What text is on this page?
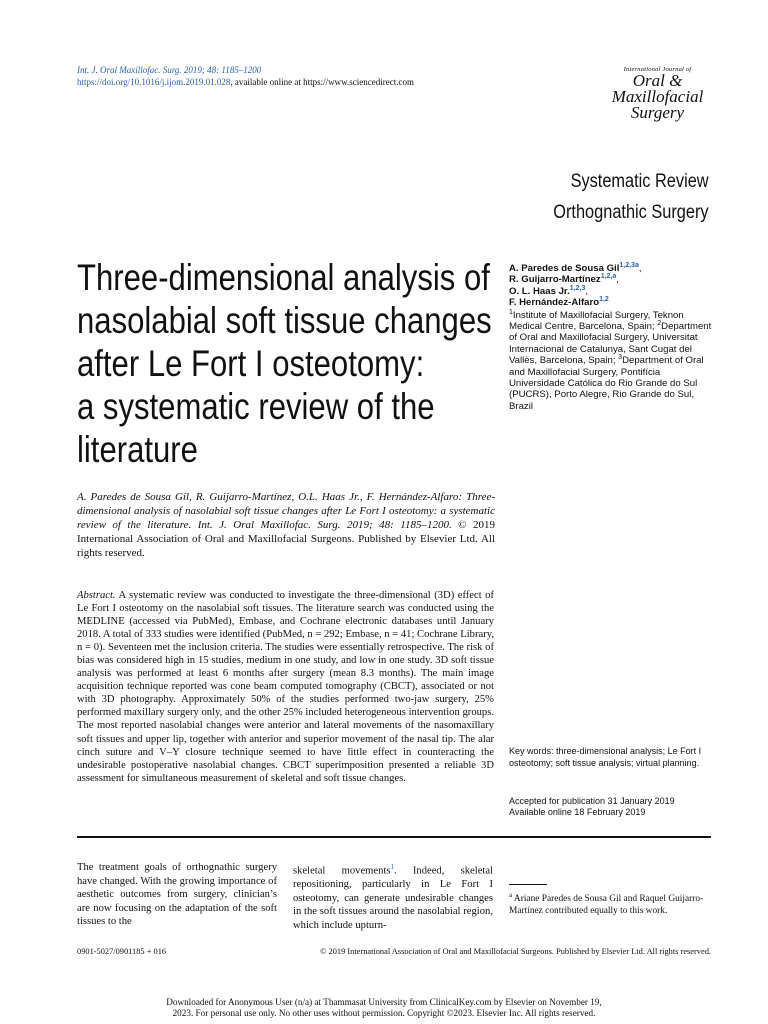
Int. J. Oral Maxillofac. Surg. 2019; 48: 1185–1200
https://doi.org/10.1016/j.ijom.2019.01.028, available online at https://www.sciencedirect.com
International Journal of
Oral &
Maxillofacial
Surgery
Systematic Review
Orthognathic Surgery
Three-dimensional analysis of
nasolabial soft tissue changes
after Le Fort I osteotomy:
a systematic review of the
literature
A. Paredes de Sousa Gil$^{1,2,3a}$,
R. Guijarro-Martínez$^{1,2,a}$,
O. L. Haas Jr.$^{1,2,3}$,
F. Hernández-Alfaro$^{1,2}$
$^1$Institute of Maxillofacial Surgery, Teknon Medical Centre, Barcelona, Spain; $^2$Department of Oral and Maxillofacial Surgery, Universitat Internacional de Catalunya, Sant Cugat del Vallès, Barcelona, Spain; $^3$Department of Oral and Maxillofacial Surgery, Pontifícia Universidade Católica do Rio Grande do Sul (PUCRS), Porto Alegre, Rio Grande do Sul, Brazil
A. Paredes de Sousa Gil, R. Guijarro-Martínez, O.L. Haas Jr., F. Hernández-Alfaro: Three-dimensional analysis of nasolabial soft tissue changes after Le Fort I osteotomy: a systematic review of the literature. Int. J. Oral Maxillofac. Surg. 2019; 48: 1185–1200. © 2019 International Association of Oral and Maxillofacial Surgeons. Published by Elsevier Ltd. All rights reserved.
Abstract. A systematic review was conducted to investigate the three-dimensional (3D) effect of Le Fort I osteotomy on the nasolabial soft tissues. The literature search was conducted using the MEDLINE (accessed via PubMed), Embase, and Cochrane electronic databases until January 2018. A total of 333 studies were identified (PubMed, n = 292; Embase, n = 41; Cochrane Library, n = 0). Seventeen met the inclusion criteria. The studies were essentially retrospective. The risk of bias was considered high in 15 studies, medium in one study, and low in one study. 3D soft tissue analysis was performed at least 6 months after surgery (mean 8.3 months). The main image acquisition technique reported was cone beam computed tomography (CBCT), associated or not with 3D photography. Approximately 50% of the studies performed two-jaw surgery, 25% performed maxillary surgery only, and the other 25% included heterogeneous intervention groups. The most reported nasolabial changes were anterior and lateral movements of the nasomaxillary soft tissues and upper lip, together with anterior and superior movement of the nasal tip. The alar cinch suture and V–Y closure technique seemed to have little effect in counteracting the undesirable postoperative nasolabial changes. CBCT superimposition presented a reliable 3D assessment for simultaneous measurement of skeletal and soft tissue changes.
Key words: three-dimensional analysis; Le Fort I osteotomy; soft tissue analysis; virtual planning.
Accepted for publication 31 January 2019
Available online 18 February 2019
The treatment goals of orthognathic surgery have changed. With the growing importance of aesthetic outcomes from surgery, clinician’s are now focusing on the adaptation of the soft tissues to the
skeletal movements$^1$. Indeed, skeletal repositioning, particularly in Le Fort I osteotomy, can generate undesirable changes in the soft tissues around the nasolabial region, which include upturn-
$^a$ Ariane Paredes de Sousa Gil and Raquel Guijarro-Martínez contributed equally to this work.
0901-5027/0901185 + 016	© 2019 International Association of Oral and Maxillofacial Surgeons. Published by Elsevier Ltd. All rights reserved.
Downloaded for Anonymous User (n/a) at Thammasat University from ClinicalKey.com by Elsevier on November 19,
2023. For personal use only. No other uses without permission. Copyright ©2023. Elsevier Inc. All rights reserved.
